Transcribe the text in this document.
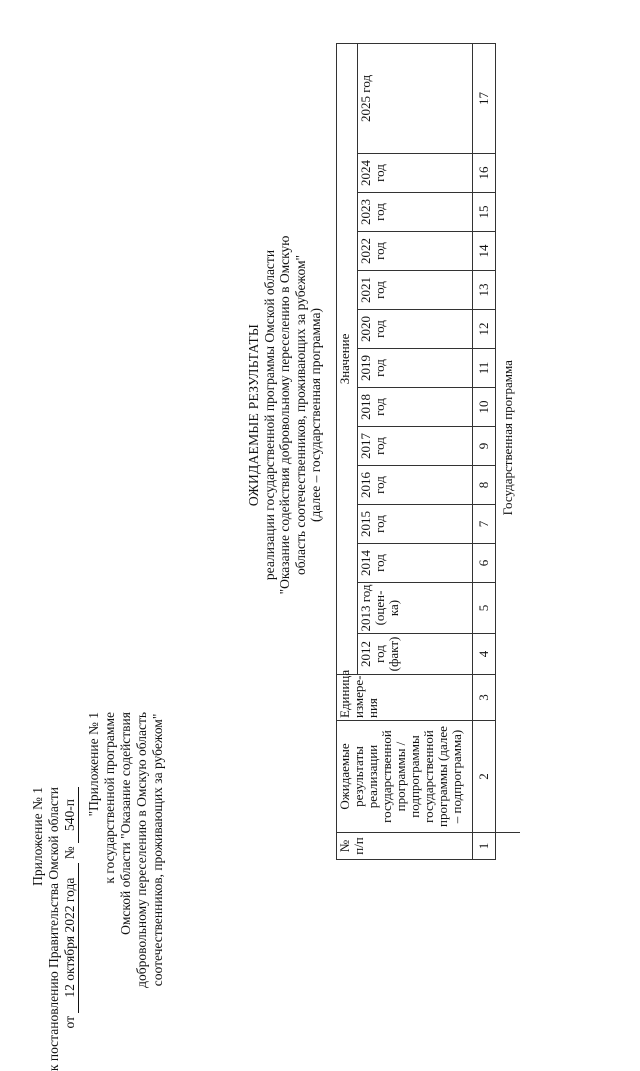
Приложение № 1 к постановлению Правительства Омской области от 12 октября 2022 года № 540-п "Приложение № 1 к государственной программе Омской области "Оказание содействия добровольному переселению в Омскую область соотечественников, проживающих за рубежом"
ОЖИДАЕМЫЕ РЕЗУЛЬТАТЫ реализации государственной программы Омской области "Оказание содействия добровольному переселению в Омскую область соотечественников, проживающих за рубежом" (далее – государственная программа)
№ п/п	Ожидаемые результаты реализации государственной программы / подпрограммы государственной программы (далее – подпрограмма)	Единица измере- ния	Значение													
			2012 год (факт)	2013 год (оцен- ка)	2014 год	2015 год	2016 год	2017 год	2018 год	2019 год	2020 год	2021 год	2022 год	2023 год	2024 год	2025 год
1	2	3	4	5	6	7	8	9	10	11	12	13	14	15	16	17
	Государственная программа															
